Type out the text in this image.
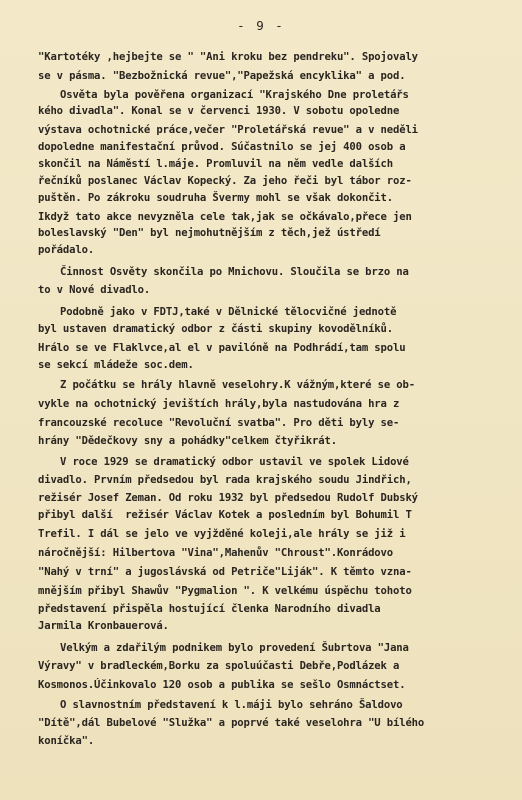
- 9 -
"Kartotéky ,hejbejte se " "Ani kroku bez pendreku". Spojovaly
se v pásma. "Bezbožnická revue","Papežská encyklika" a pod.
Osvěta byla pověřena organizací "Krajského Dne proletářs
kého divadla". Konal se v červenci 1930. V sobotu opoledne
výstava ochotnické práce,večer "Proletářská revue" a v neděli
dopoledne manifestační průvod. Súčastnilo se jej 400 osob a
skončil na Náměstí l.máje. Promluvil na něm vedle dalších
řečníků poslanec Václav Kopecký. Za jeho řeči byl tábor roz-
puštěn. Po zákroku soudruha Švermy mohl se však dokončit.
Ikdyž tato akce nevyzněla cele tak,jak se očkávalo,přece jen
boleslavský "Den" byl nejmohutnějším z těch,jež ústředí
pořádalo.
Činnost Osvěty skončila po Mnichovu. Sloučila se brzo na
to v Nové divadlo.
Podobně jako v FDTJ,také v Dělnické tělocvičné jednotě
byl ustaven dramatický odbor z části skupiny kovodělníků.
Hrálo se ve Flaklvce,al el v pavilóně na Podhrádí,tam spolu
se sekcí mládeže soc.dem.
Z počátku se hrály hlavně veselohry.K vážným,které se ob-
vykle na ochotnický jevištích hrály,byla nastudována hra z
francouzské recoluce "Revoluční svatba". Pro děti byly se-
hrány "Dědečkovy sny a pohádky"celkem čtyřikrát.
V roce 1929 se dramatický odbor ustavil ve spolek Lidové
divadlo. Prvním předsedou byl rada krajského soudu Jindřich,
režisér Josef Zeman. Od roku 1932 byl předsedou Rudolf Dubský
přibyl další  režisér Václav Kotek a posledním byl Bohumil T
Trefil. I dál se jelo ve vyjžděné koleji,ale hrály se již i
náročnější: Hilbertova "Vina",Mahenův "Chroust".Konrádovo
"Nahý v trní" a jugoslávská od Petriče"Liják". K těmto vzna-
mnějším přibyl Shawův "Pygmalion ". K velkému úspěchu tohoto
představení přispěla hostující členka Narodního divadla
Jarmila Kronbauerová.
Velkým a zdařilým podnikem bylo provedení Šubrtova "Jana
Výravy" v bradleckém,Borku za spoluúčasti Debře,Podlázek a
Kosmonos.Účinkovalo 120 osob a publika se sešlo Osmnáctset.
O slavnostním představení k l.máji bylo sehráno Šaldovo
"Dítě",dál Bubelové "Služka" a poprvé také veselohra "U bílého
koníčka".
